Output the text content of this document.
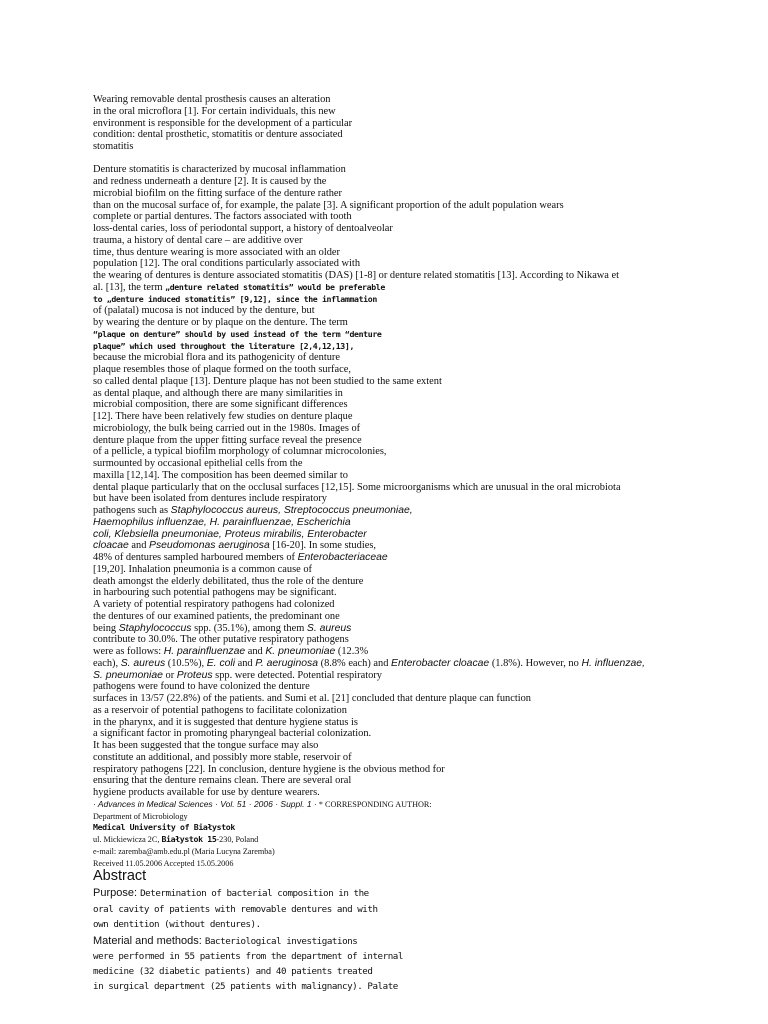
Wearing removable dental prosthesis causes an alteration
in the oral microflora [1]. For certain individuals, this new
environment is responsible for the development of a particular
condition: dental prosthetic, stomatitis or denture associated
stomatitis
Denture stomatitis is characterized by mucosal inflammation
and redness underneath a denture [2]. It is caused by the
microbial biofilm on the fitting surface of the denture rather
than on the mucosal surface of, for example, the palate [3]. A significant proportion of the adult population wears
complete or partial dentures. The factors associated with tooth
loss-dental caries, loss of periodontal support, a history of dentoalveolar
trauma, a history of dental care – are additive over
time, thus denture wearing is more associated with an older
population [12]. The oral conditions particularly associated with
the wearing of dentures is denture associated stomatitis (DAS) [1-8] or denture related stomatitis [13]. According to Nikawa et
al. [13], the term „denture related stomatitis” would be preferable
to „denture induced stomatitis” [9,12], since the inflammation
of (palatal) mucosa is not induced by the denture, but
by wearing the denture or by plaque on the denture. The term
“plaque on denture” should by used instead of the term “denture
plaque” which used throughout the literature [2,4,12,13],
because the microbial flora and its pathogenicity of denture
plaque resembles those of plaque formed on the tooth surface,
so called dental plaque [13]. Denture plaque has not been studied to the same extent
as dental plaque, and although there are many similarities in
microbial composition, there are some significant differences
[12]. There have been relatively few studies on denture plaque
microbiology, the bulk being carried out in the 1980s. Images of
denture plaque from the upper fitting surface reveal the presence
of a pellicle, a typical biofilm morphology of columnar microcolonies,
surmounted by occasional epithelial cells from the
maxilla [12,14]. The composition has been deemed similar to
dental plaque particularly that on the occlusal surfaces [12,15]. Some microorganisms which are unusual in the oral microbiota
but have been isolated from dentures include respiratory
pathogens such as Staphylococcus aureus, Streptococcus pneumoniae,
Haemophilus influenzae, H. parainfluenzae, Escherichia
coli, Klebsiella pneumoniae, Proteus mirabilis, Enterobacter
cloacae and Pseudomonas aeruginosa [16-20]. In some studies,
48% of dentures sampled harboured members of Enterobacteriaceae
[19,20]. Inhalation pneumonia is a common cause of
death amongst the elderly debilitated, thus the role of the denture
in harbouring such potential pathogens may be significant.
A variety of potential respiratory pathogens had colonized
the dentures of our examined patients, the predominant one
being Staphylococcus spp. (35.1%), among them S. aureus
contribute to 30.0%. The other putative respiratory pathogens
were as follows: H. parainfluenzae and K. pneumoniae (12.3%
each), S. aureus (10.5%), E. coli and P. aeruginosa (8.8% each) and Enterobacter cloacae (1.8%). However, no H. influenzae,
S. pneumoniae or Proteus spp. were detected. Potential respiratory
pathogens were found to have colonized the denture
surfaces in 13/57 (22.8%) of the patients. and Sumi et al. [21] concluded that denture plaque can function
as a reservoir of potential pathogens to facilitate colonization
in the pharynx, and it is suggested that denture hygiene status is
a significant factor in promoting pharyngeal bacterial colonization.
It has been suggested that the tongue surface may also
constitute an additional, and possibly more stable, reservoir of
respiratory pathogens [22]. In conclusion, denture hygiene is the obvious method for
ensuring that the denture remains clean. There are several oral
hygiene products available for use by denture wearers.
· Advances in Medical Sciences · Vol. 51 · 2006 · Suppl. 1 · * CORRESPONDING AUTHOR:
Department of Microbiology
Medical University of Białystok
ul. Mickiewicza 2C, Białystok 15-230, Poland
e-mail: zaremba@amb.edu.pl (Maria Lucyna Zaremba)
Received 11.05.2006 Accepted 15.05.2006
Abstract
Purpose: Determination of bacterial composition in the
oral cavity of patients with removable dentures and with
own dentition (without dentures).
Material and methods: Bacteriological investigations
were performed in 55 patients from the department of internal
medicine (32 diabetic patients) and 40 patients treated
in surgical department (25 patients with malignancy). Palate
